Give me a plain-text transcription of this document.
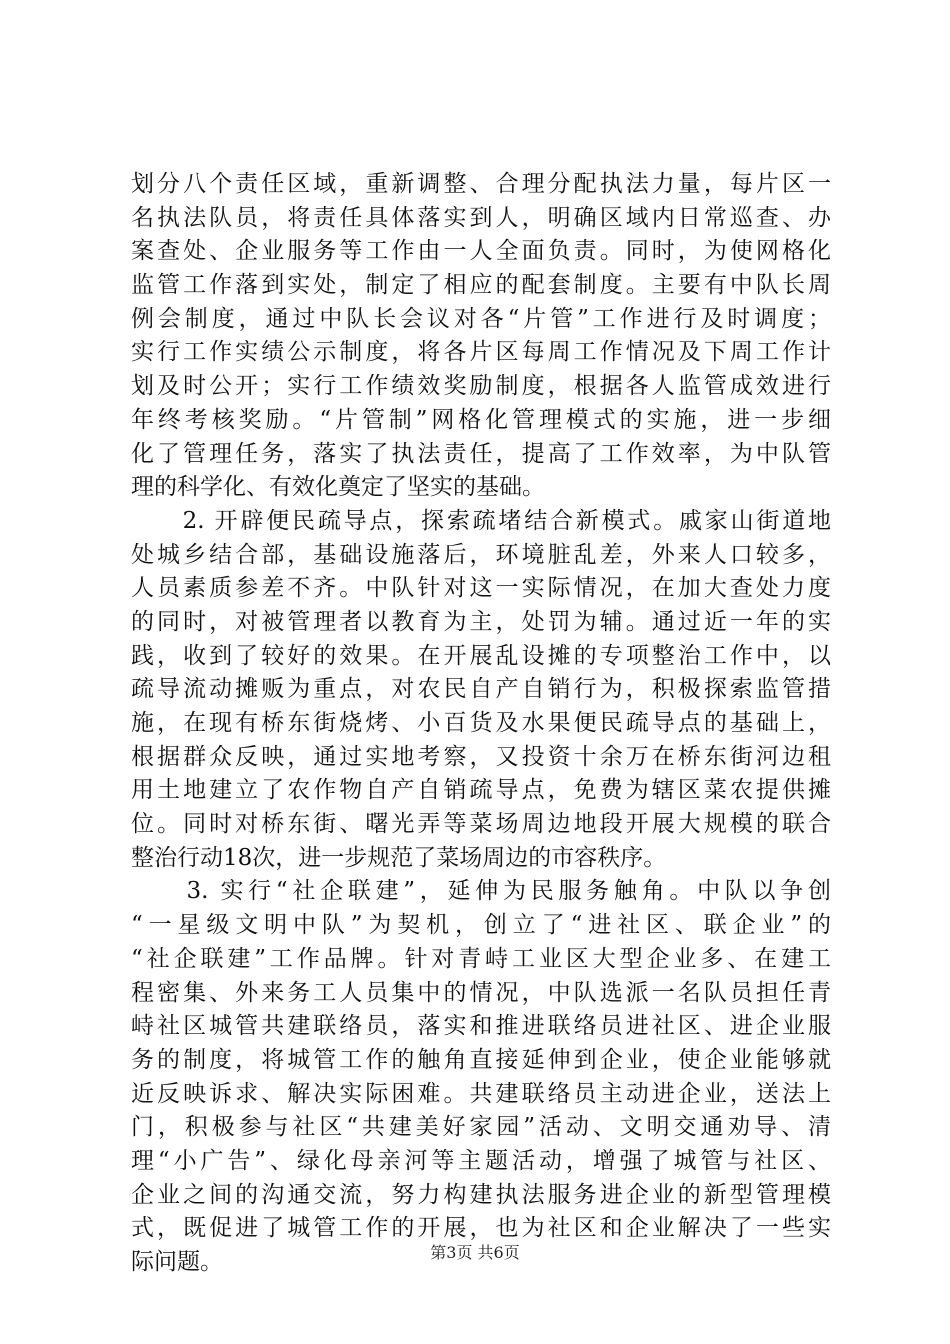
划分八个责任区域，重新调整、合理分配执法力量，每片区一
名执法队员，将责任具体落实到人，明确区域内日常巡查、办
案查处、企业服务等工作由一人全面负责。同时，为使网格化
监管工作落到实处，制定了相应的配套制度。主要有中队长周
例会制度，通过中队长会议对各“片管”工作进行及时调度；
实行工作实绩公示制度，将各片区每周工作情况及下周工作计
划及时公开；实行工作绩效奖励制度，根据各人监管成效进行
年终考核奖励。“片管制”网格化管理模式的实施，进一步细
化了管理任务，落实了执法责任，提高了工作效率，为中队管
理的科学化、有效化奠定了坚实的基础。
　　2. 开辟便民疏导点，探索疏堵结合新模式。戚家山街道地
处城乡结合部，基础设施落后，环境脏乱差，外来人口较多，
人员素质参差不齐。中队针对这一实际情况，在加大查处力度
的同时，对被管理者以教育为主，处罚为辅。通过近一年的实
践，收到了较好的效果。在开展乱设摊的专项整治工作中，以
疏导流动摊贩为重点，对农民自产自销行为，积极探索监管措
施，在现有桥东街烧烤、小百货及水果便民疏导点的基础上，
根据群众反映，通过实地考察，又投资十余万在桥东街河边租
用土地建立了农作物自产自销疏导点，免费为辖区菜农提供摊
位。同时对桥东街、曙光弄等菜场周边地段开展大规模的联合
整治行动18次，进一步规范了菜场周边的市容秩序。
　　3. 实行“社企联建”，延伸为民服务触角。中队以争创
“一星级文明中队”为契机，创立了“进社区、联企业”的
“社企联建”工作品牌。针对青峙工业区大型企业多、在建工
程密集、外来务工人员集中的情况，中队选派一名队员担任青
峙社区城管共建联络员，落实和推进联络员进社区、进企业服
务的制度，将城管工作的触角直接延伸到企业，使企业能够就
近反映诉求、解决实际困难。共建联络员主动进企业，送法上
门，积极参与社区“共建美好家园”活动、文明交通劝导、清
理“小广告”、绿化母亲河等主题活动，增强了城管与社区、
企业之间的沟通交流，努力构建执法服务进企业的新型管理模
式，既促进了城管工作的开展，也为社区和企业解决了一些实
际问题。	第3页 共6页
